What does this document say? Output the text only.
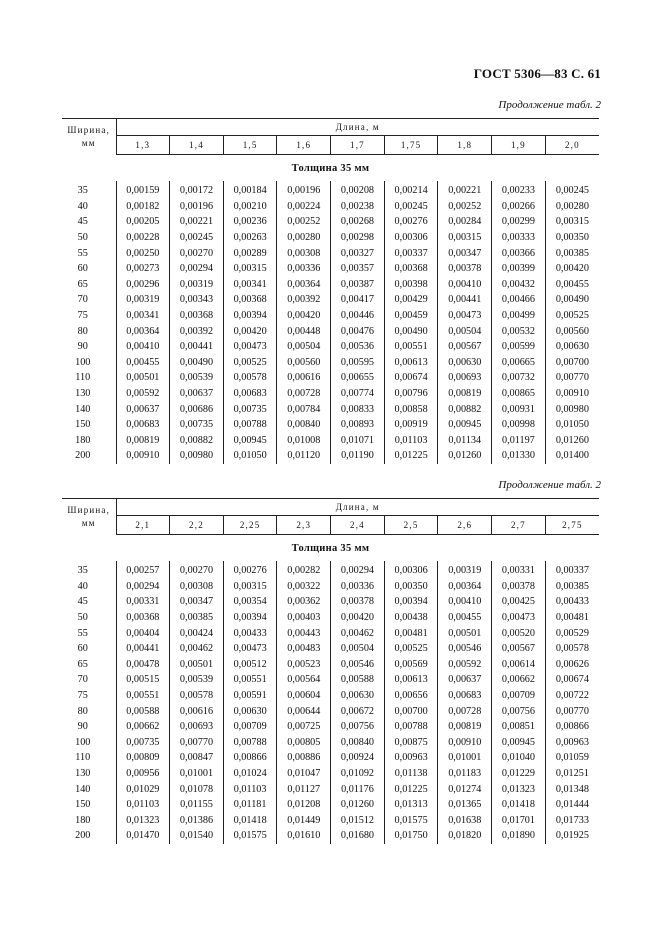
ГОСТ 5306—83 С. 61
Продолжение табл. 2
Ширина,
мм	Длина, м								
	1,3	1,4	1,5	1,6	1,7	1,75	1,8	1,9	2,0
Толщина 35 мм									
35	0,00159	0,00172	0,00184	0,00196	0,00208	0,00214	0,00221	0,00233	0,00245
40	0,00182	0,00196	0,00210	0,00224	0,00238	0,00245	0,00252	0,00266	0,00280
45	0,00205	0,00221	0,00236	0,00252	0,00268	0,00276	0,00284	0,00299	0,00315
50	0,00228	0,00245	0,00263	0,00280	0,00298	0,00306	0,00315	0,00333	0,00350
55	0,00250	0,00270	0,00289	0,00308	0,00327	0,00337	0,00347	0,00366	0,00385
60	0,00273	0,00294	0,00315	0,00336	0,00357	0,00368	0,00378	0,00399	0,00420
65	0,00296	0,00319	0,00341	0,00364	0,00387	0,00398	0,00410	0,00432	0,00455
70	0,00319	0,00343	0,00368	0,00392	0,00417	0,00429	0,00441	0,00466	0,00490
75	0,00341	0,00368	0,00394	0,00420	0,00446	0,00459	0,00473	0,00499	0,00525
80	0,00364	0,00392	0,00420	0,00448	0,00476	0,00490	0,00504	0,00532	0,00560
90	0,00410	0,00441	0,00473	0,00504	0,00536	0,00551	0,00567	0,00599	0,00630
100	0,00455	0,00490	0,00525	0,00560	0,00595	0,00613	0,00630	0,00665	0,00700
110	0,00501	0,00539	0,00578	0,00616	0,00655	0,00674	0,00693	0,00732	0,00770
130	0,00592	0,00637	0,00683	0,00728	0,00774	0,00796	0,00819	0,00865	0,00910
140	0,00637	0,00686	0,00735	0,00784	0,00833	0,00858	0,00882	0,00931	0,00980
150	0,00683	0,00735	0,00788	0,00840	0,00893	0,00919	0,00945	0,00998	0,01050
180	0,00819	0,00882	0,00945	0,01008	0,01071	0,01103	0,01134	0,01197	0,01260
200	0,00910	0,00980	0,01050	0,01120	0,01190	0,01225	0,01260	0,01330	0,01400
Продолжение табл. 2
Ширина,
мм	Длина, м								
	2,1	2,2	2,25	2,3	2,4	2,5	2,6	2,7	2,75
Толщина 35 мм									
35	0,00257	0,00270	0,00276	0,00282	0,00294	0,00306	0,00319	0,00331	0,00337
40	0,00294	0,00308	0,00315	0,00322	0,00336	0,00350	0,00364	0,00378	0,00385
45	0,00331	0,00347	0,00354	0,00362	0,00378	0,00394	0,00410	0,00425	0,00433
50	0,00368	0,00385	0,00394	0,00403	0,00420	0,00438	0,00455	0,00473	0,00481
55	0,00404	0,00424	0,00433	0,00443	0,00462	0,00481	0,00501	0,00520	0,00529
60	0,00441	0,00462	0,00473	0,00483	0,00504	0,00525	0,00546	0,00567	0,00578
65	0,00478	0,00501	0,00512	0,00523	0,00546	0,00569	0,00592	0,00614	0,00626
70	0,00515	0,00539	0,00551	0,00564	0,00588	0,00613	0,00637	0,00662	0,00674
75	0,00551	0,00578	0,00591	0,00604	0,00630	0,00656	0,00683	0,00709	0,00722
80	0,00588	0,00616	0,00630	0,00644	0,00672	0,00700	0,00728	0,00756	0,00770
90	0,00662	0,00693	0,00709	0,00725	0,00756	0,00788	0,00819	0,00851	0,00866
100	0,00735	0,00770	0,00788	0,00805	0,00840	0,00875	0,00910	0,00945	0,00963
110	0,00809	0,00847	0,00866	0,00886	0,00924	0,00963	0,01001	0,01040	0,01059
130	0,00956	0,01001	0,01024	0,01047	0,01092	0,01138	0,01183	0,01229	0,01251
140	0,01029	0,01078	0,01103	0,01127	0,01176	0,01225	0,01274	0,01323	0,01348
150	0,01103	0,01155	0,01181	0,01208	0,01260	0,01313	0,01365	0,01418	0,01444
180	0,01323	0,01386	0,01418	0,01449	0,01512	0,01575	0,01638	0,01701	0,01733
200	0,01470	0,01540	0,01575	0,01610	0,01680	0,01750	0,01820	0,01890	0,01925
